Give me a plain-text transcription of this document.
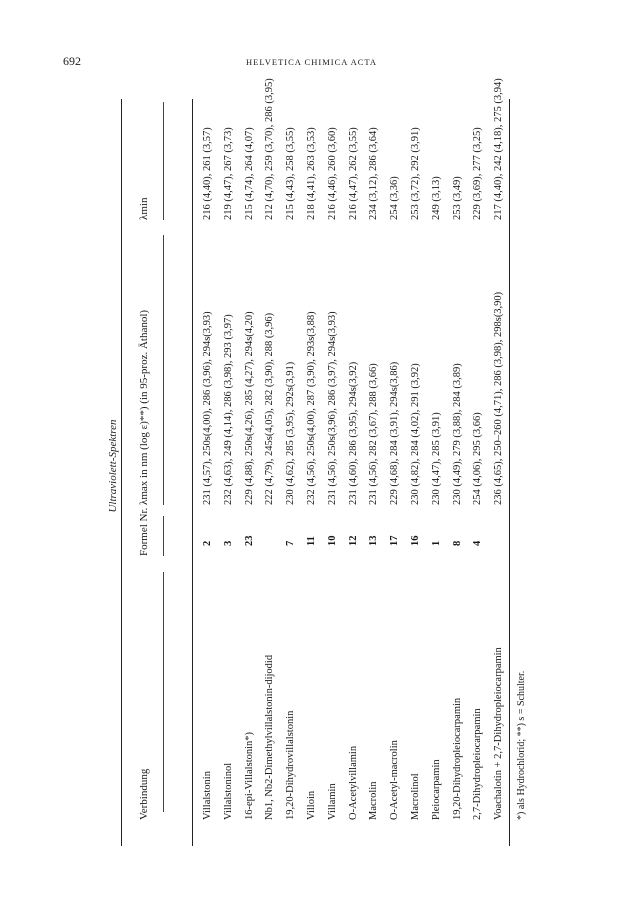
692	HELVETICA CHIMICA ACTA
Ultraviolett-Spektren
Verbindung
Formel Nr.
λmax in nm (log ε)**) (in 95-proz. Äthanol)
λmin
Villalstonin
2
231 (4,57), 250s(4,00), 286 (3,96), 294s(3,93)
216 (4,40), 261 (3,57)
Villalstoninol
3
232 (4,63), 249 (4,14), 286 (3,98), 293 (3,97)
219 (4,47), 267 (3,73)
16-epi-Villalstonin*)
23
229 (4,88), 250s(4,26), 285 (4,27), 294s(4,20)
215 (4,74), 264 (4,07)
Nb1, Nb2-Dimethylvillalstonin-dijodid
222 (4,79), 245s(4,05), 282 (3,90), 288 (3,96)
212 (4,70), 259 (3,70), 286 (3,95)
19,20-Dihydrovillalstonin
7
230 (4,62), 285 (3,95), 292s(3,91)
215 (4,43), 258 (3,55)
Villoin
11
232 (4,56), 250s(4,00), 287 (3,90), 293s(3,88)
218 (4,41), 263 (3,53)
Villamin
10
231 (4,56), 250s(3,96), 286 (3,97), 294s(3,93)
216 (4,46), 260 (3,60)
O-Acetylvillamin
12
231 (4,60), 286 (3,95), 294s(3,92)
216 (4,47), 262 (3,55)
Macrolin
13
231 (4,56), 282 (3,67), 288 (3,66)
234 (3,12), 286 (3,64)
O-Acetyl-macrolin
17
229 (4,68), 284 (3,91), 294s(3,86)
254 (3,36)
Macrolinol
16
230 (4,82), 284 (4,02), 291 (3,92)
253 (3,72), 292 (3,91)
Pleiocarpamin
1
230 (4,47), 285 (3,91)
249 (3,13)
19,20-Dihydropleiocarpamin
8
230 (4,49), 279 (3,88), 284 (3,89)
253 (3,49)
2,7-Dihydropleiocarpamin
4
254 (4,06), 295 (3,66)
229 (3,69), 277 (3,25)
Voachalotin + 2,7-Dihydropleiocarpamin
236 (4,65), 250–260 (4,71), 286 (3,98), 298s(3,90)
217 (4,40), 242 (4,18), 275 (3,94)
*) als Hydrochlorid; **) s = Schulter.
